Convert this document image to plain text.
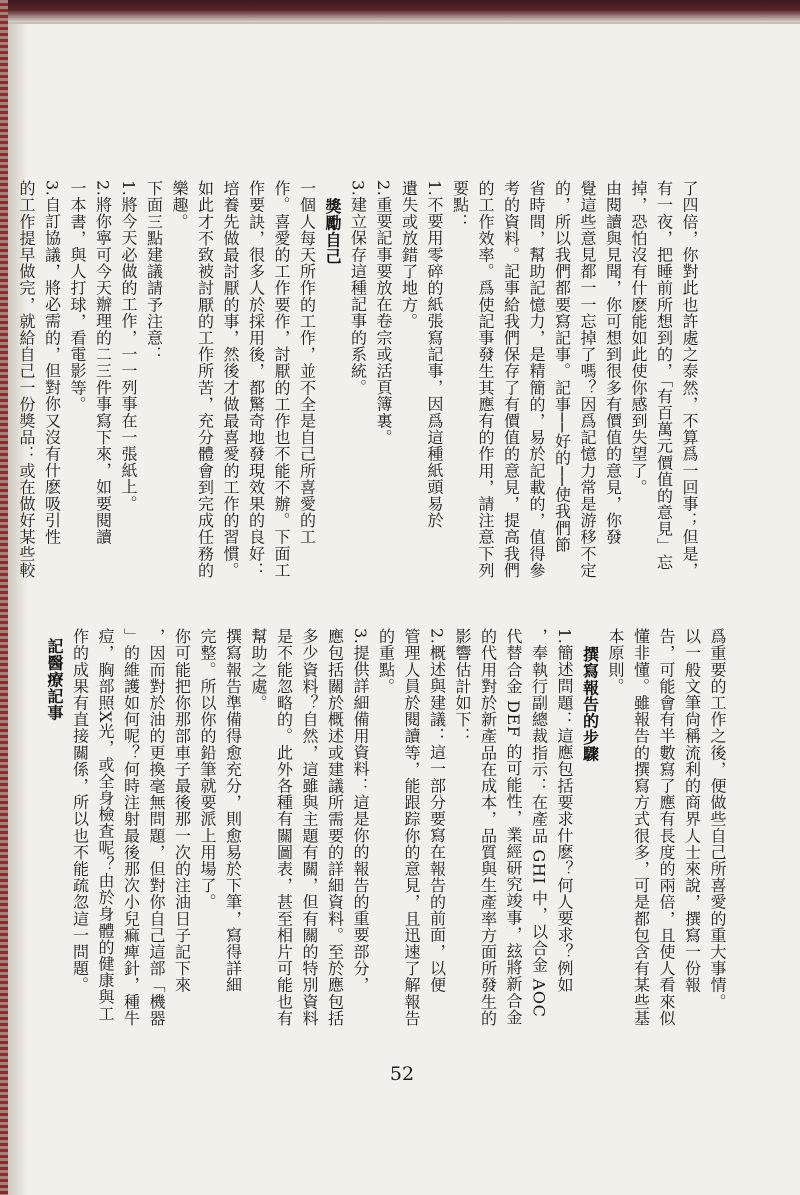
了四倍，你對此也許處之泰然，不算爲一回事；但是，

有一夜，把睡前所想到的，「有百萬元價值的意見」忘

掉，恐怕沒有什麽能如此使你感到失望了。

由閱讀與見聞，你可想到很多有價值的意見，你發

覺這些意見都一一忘掉了嗎？因爲記憶力常是游移不定

的，所以我們都要寫記事。記事──好的──使我們節

省時間，幫助記憶力，是精簡的，易於記載的，值得參

考的資料。記事給我們保存了有價值的意見，提高我們

的工作效率。爲使記事發生其應有的作用，請注意下列

要點：

1.不要用零碎的紙張寫記事，因爲這種紙頭易於

遺失或放錯了地方。

2.重要記事要放在卷宗或活頁簿裏。

3.建立保存這種記事的系統。

獎勵自己

一個人每天所作的工作，並不全是自己所喜愛的工

作。喜愛的工作要作，討厭的工作也不能不辦。下面工

作要訣，很多人於採用後，都驚奇地發現效果的良好：

培養先做最討厭的事，然後才做最喜愛的工作的習慣。

如此才不致被討厭的工作所苦，充分體會到完成任務的

樂趣。

下面三點建議請予注意：

1.將今天必做的工作，一一列事在一張紙上。

2.將你寧可今天辦理的二三件事寫下來，如要閱讀

一本書，與人打球，看電影等。

3.自訂協議，將必需的，但對你又沒有什麽吸引性

的工作提早做完，就給自己一份獎品：或在做好某些較

爲重要的工作之後，便做些自己所喜愛的重大事情。

以一般文筆尙稱流利的商界人士來說，撰寫一份報

告，可能會有半數寫了應有長度的兩倍，且使人看來似

懂非懂。雖報告的撰寫方式很多，可是都包含有某些基

本原則。

撰寫報告的步驟

1.簡述問題：這應包括要求什麽？何人要求？例如

，奉執行副總裁指示：在產品 GHI 中，以合金 AOC

代替合金 DEF 的可能性，業經研究竣事，玆將新合金

的代用對於新產品在成本，品質與生產率方面所發生的

影響估計如下：

2.概述與建議：這一部分要寫在報告的前面，以便

管理人員於閱讀等，能跟踪你的意見，且迅速了解報告

的重點。

3.提供詳細備用資料：這是你的報告的重要部分，

應包括關於概述或建議所需要的詳細資料。至於應包括

多少資料？自然，這雖與主題有關，但有關的特別資料

是不能忽略的。此外各種有關圖表，甚至相片可能也有

幫助之處。

撰寫報告準備得愈充分，則愈易於下筆，寫得詳細

完整。所以你的鉛筆就要派上用場了。

你可能把你那部車子最後那一次的注油日子記下來

，因而對於油的更換毫無問題，但對你自己這部「機器

」的維護如何呢？何時注射最後那次小兒痲痺針，種牛

痘，胸部照X光，或全身檢査呢？由於身體的健康與工

作的成果有直接關係，所以也不能疏忽這一問題。

記醫療記事

52
